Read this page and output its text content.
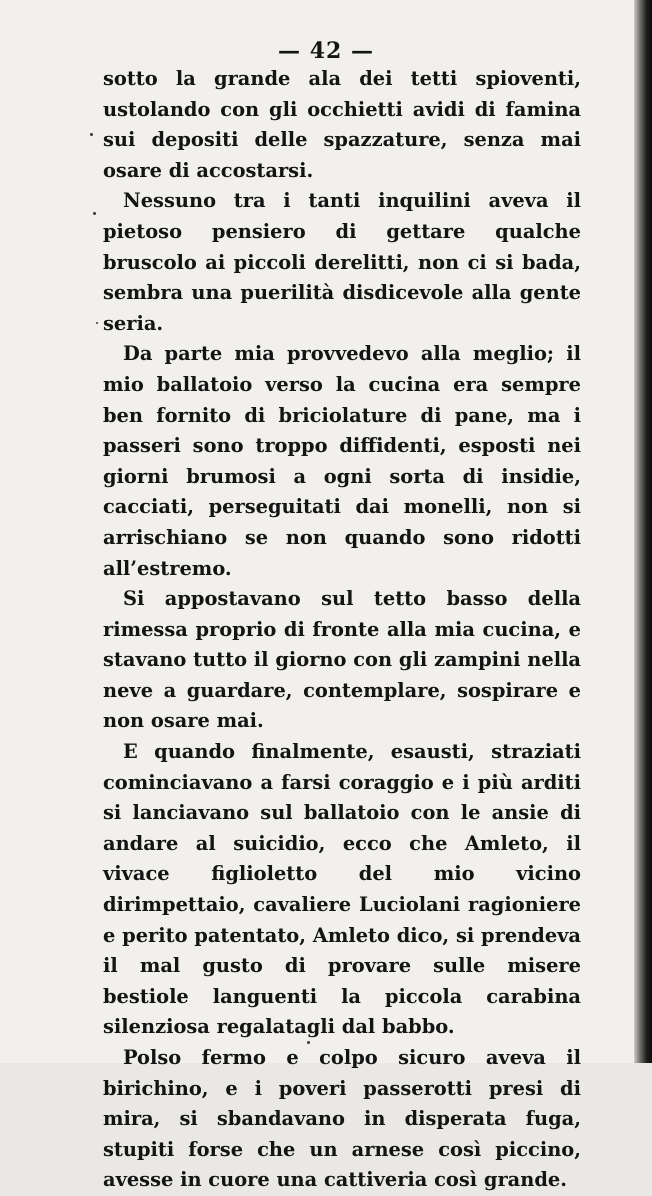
— 42 —

sotto la grande ala dei tetti spioventi, ustolando con gli occhietti avidi di famina sui depositi delle spazzature, senza mai osare di accostarsi.

Nessuno tra i tanti inquilini aveva il pietoso pensiero di gettare qualche bruscolo ai piccoli derelitti, non ci si bada, sembra una puerilità disdicevole alla gente seria.

Da parte mia provvedevo alla meglio; il mio ballatoio verso la cucina era sempre ben fornito di briciolature di pane, ma i passeri sono troppo diffidenti, esposti nei giorni brumosi a ogni sorta di insidie, cacciati, perseguitati dai monelli, non si arrischiano se non quando sono ridotti all’estremo.

Si appostavano sul tetto basso della rimessa proprio di fronte alla mia cucina, e stavano tutto il giorno con gli zampini nella neve a guardare, contemplare, sospirare e non osare mai.

E quando finalmente, esausti, straziati cominciavano a farsi coraggio e i più arditi si lanciavano sul ballatoio con le ansie di andare al suicidio, ecco che Amleto, il vivace figlioletto del mio vicino dirimpettaio, cavaliere Luciolani ragioniere e perito patentato, Amleto dico, si prendeva il mal gusto di provare sulle misere bestiole languenti la piccola carabina silenziosa regalatagli dal babbo.

Polso fermo e colpo sicuro aveva il birichino, e i poveri passerotti presi di mira, si sbandavano in disperata fuga, stupiti forse che un arnese così piccino, avesse in cuore una cattiveria così grande.
